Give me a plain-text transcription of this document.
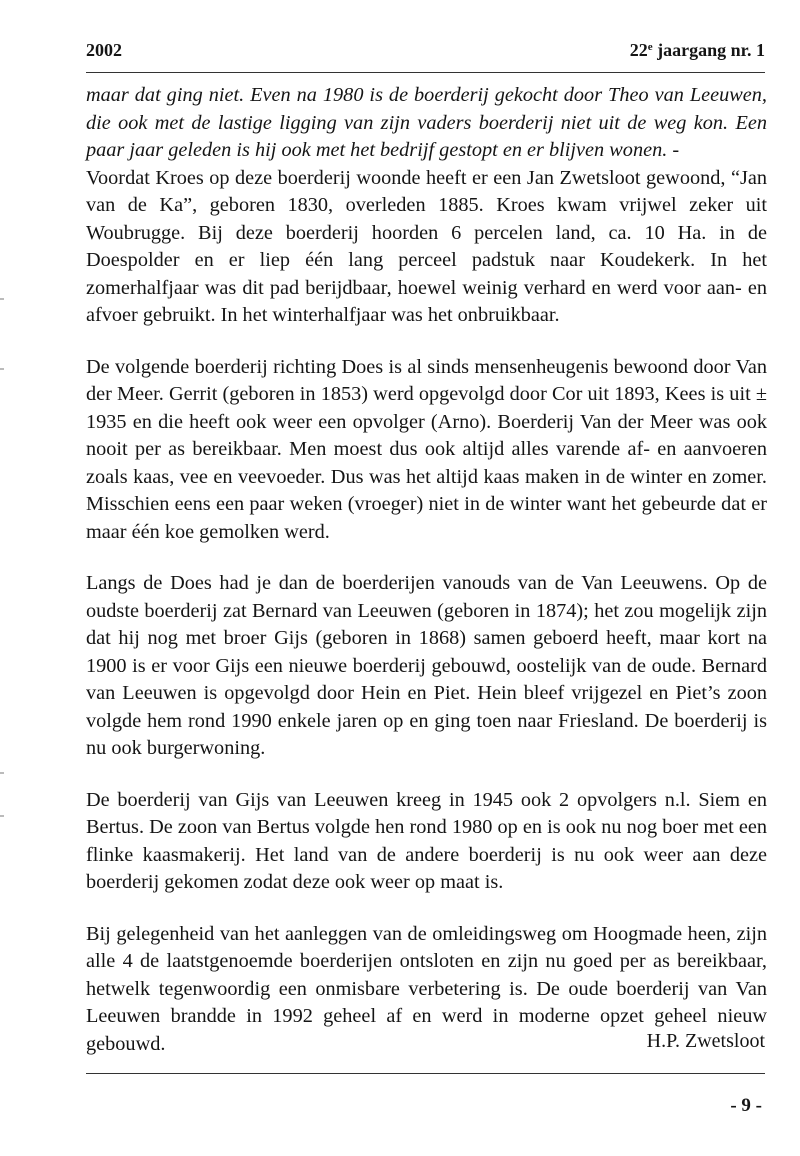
2002	22e jaargang nr. 1

maar dat ging niet. Even na 1980 is de boerderij gekocht door Theo van Leeuwen, die ook met de lastige ligging van zijn vaders boerderij niet uit de weg kon. Een paar jaar geleden is hij ook met het bedrijf gestopt en er blijven wonen. -

Voordat Kroes op deze boerderij woonde heeft er een Jan Zwetsloot gewoond, “Jan van de Ka”, geboren 1830, overleden 1885. Kroes kwam vrijwel zeker uit Woubrugge. Bij deze boerderij hoorden 6 percelen land, ca. 10 Ha. in de Doespolder en er liep één lang perceel padstuk naar Koudekerk. In het zomerhalfjaar was dit pad berijdbaar, hoewel weinig verhard en werd voor aan- en afvoer gebruikt. In het winterhalfjaar was het onbruikbaar.

De volgende boerderij richting Does is al sinds mensenheugenis bewoond door Van der Meer. Gerrit (geboren in 1853) werd opgevolgd door Cor uit 1893, Kees is uit ± 1935 en die heeft ook weer een opvolger (Arno). Boerderij Van der Meer was ook nooit per as bereikbaar. Men moest dus ook altijd alles varende af- en aanvoeren zoals kaas, vee en veevoeder. Dus was het altijd kaas maken in de winter en zomer. Misschien eens een paar weken (vroeger) niet in de winter want het gebeurde dat er maar één koe gemolken werd.

Langs de Does had je dan de boerderijen vanouds van de Van Leeuwens. Op de oudste boerderij zat Bernard van Leeuwen (geboren in 1874); het zou mogelijk zijn dat hij nog met broer Gijs (geboren in 1868) samen geboerd heeft, maar kort na 1900 is er voor Gijs een nieuwe boerderij gebouwd, oostelijk van de oude. Bernard van Leeuwen is opgevolgd door Hein en Piet. Hein bleef vrijgezel en Piet’s zoon volgde hem rond 1990 enkele jaren op en ging toen naar Friesland. De boerderij is nu ook burgerwoning.

De boerderij van Gijs van Leeuwen kreeg in 1945 ook 2 opvolgers n.l. Siem en Bertus. De zoon van Bertus volgde hen rond 1980 op en is ook nu nog boer met een flinke kaasmakerij. Het land van de andere boerderij is nu ook weer aan deze boerderij gekomen zodat deze ook weer op maat is.

Bij gelegenheid van het aanleggen van de omleidingsweg om Hoogmade heen, zijn alle 4 de laatstgenoemde boerderijen ontsloten en zijn nu goed per as bereikbaar, hetwelk tegenwoordig een onmisbare verbetering is. De oude boerderij van Van Leeuwen brandde in 1992 geheel af en werd in moderne opzet geheel nieuw gebouwd.	H.P. Zwetsloot
- 9 -
